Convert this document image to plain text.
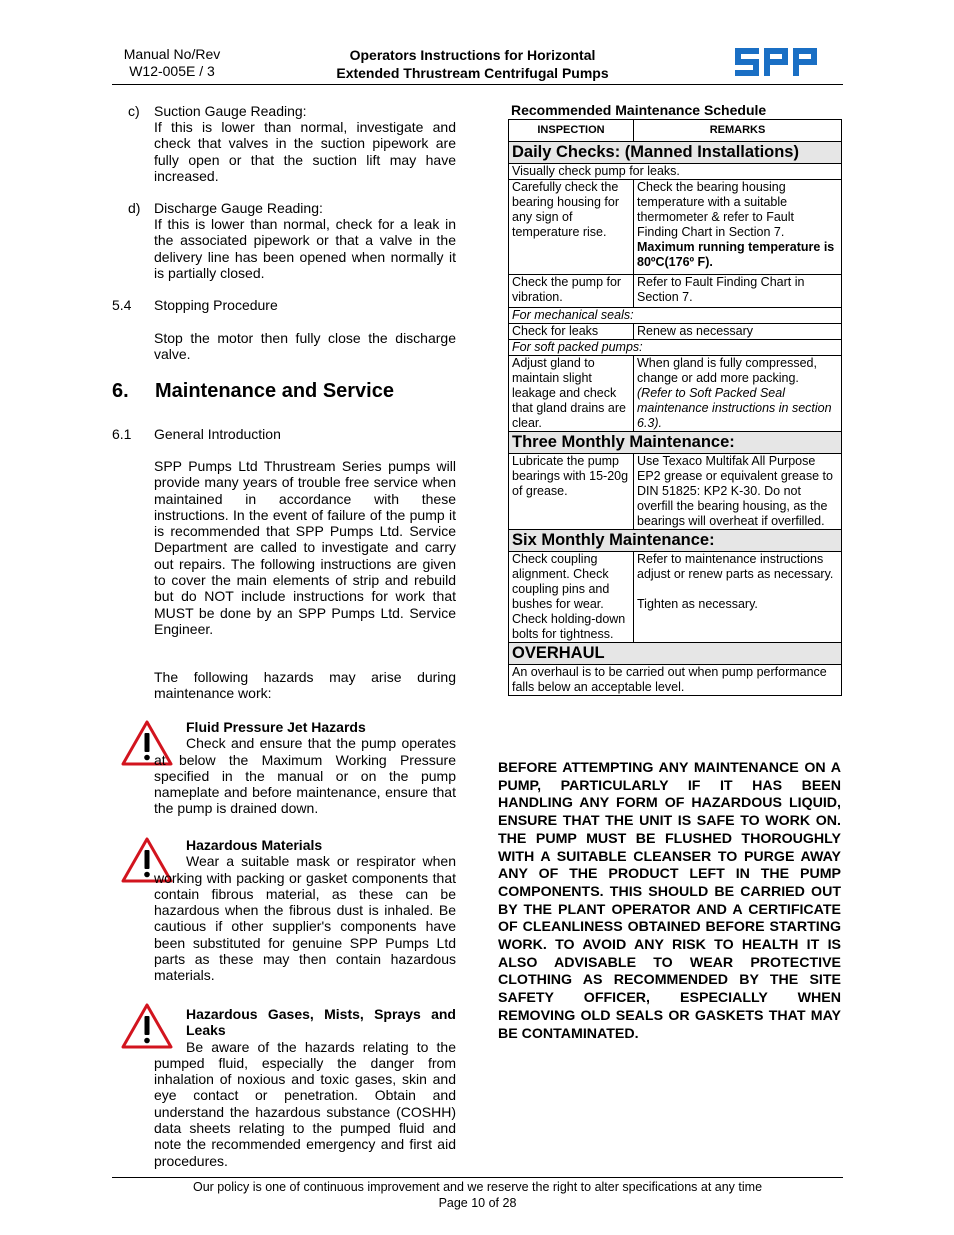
Manual No/Rev
W12-005E / 3
Operators Instructions for Horizontal
Extended Thrustream Centrifugal Pumps
c) Suction Gauge Reading:
If this is lower than normal, investigate and check that valves in the suction pipework are fully open or that the suction lift may have increased.
d) Discharge Gauge Reading:
If this is lower than normal, check for a leak in the associated pipework or that a valve in the delivery line has been opened when normally it is partially closed.
5.4 Stopping Procedure
Stop the motor then fully close the discharge valve.
6. Maintenance and Service
6.1 General Introduction
SPP Pumps Ltd Thrustream Series pumps will provide many years of trouble free service when maintained in accordance with these instructions. In the event of failure of the pump it is recommended that SPP Pumps Ltd. Service Department are called to investigate and carry out repairs. The following instructions are given to cover the main elements of strip and rebuild but do NOT include instructions for work that MUST be done by an SPP Pumps Ltd. Service Engineer.
The following hazards may arise during maintenance work:

Fluid Pressure Jet Hazards

Check and ensure that the pump operates at below the Maximum Working Pressure specified in the manual or on the pump nameplate and before maintenance, ensure that the pump is drained down.

Hazardous Materials

Wear a suitable mask or respirator when working with packing or gasket components that contain fibrous material, as these can be hazardous when the fibrous dust is inhaled. Be cautious if other supplier's components have been substituted for genuine SPP Pumps Ltd parts as these may then contain hazardous materials.

Hazardous Gases, Mists, Sprays and Leaks

Be aware of the hazards relating to the pumped fluid, especially the danger from inhalation of noxious and toxic gases, skin and eye contact or penetration. Obtain and understand the hazardous substance (COSHH) data sheets relating to the pumped fluid and note the recommended emergency and first aid procedures.

Recommended Maintenance Schedule
INSPECTION	REMARKS
Daily Checks: (Manned Installations)	
Visually check pump for leaks.	
Carefully check the bearing housing for any sign of temperature rise.	Check the bearing housing temperature with a suitable thermometer & refer to Fault Finding Chart in Section 7.
Maximum running temperature is 80ºC(176º F).

Check the pump for vibration.	Refer to Fault Finding Chart in Section 7.
For mechanical seals:	
Check for leaks	Renew as necessary
For soft packed pumps:	
Adjust gland to maintain slight leakage and check that gland drains are clear.	When gland is fully compressed, change or add more packing.
(Refer to Soft Packed Seal maintenance instructions in section 6.3).

Three Monthly Maintenance:	
Lubricate the pump bearings with 15-20g of grease.	Use Texaco Multifak All Purpose EP2 grease or equivalent grease to DIN 51825: KP2 K-30. Do not overfill the bearing housing, as the bearings will overheat if overfilled.
Six Monthly Maintenance:	
Check coupling alignment. Check coupling pins and bushes for wear. Check holding-down bolts for tightness.	Refer to maintenance instructions adjust or renew parts as necessary.
Tighten as necessary.

OVERHAUL	
An overhaul is to be carried out when pump performance falls below an acceptable level.	
BEFORE ATTEMPTING ANY MAINTENANCE ON A PUMP, PARTICULARLY IF IT HAS BEEN HANDLING ANY FORM OF HAZARDOUS LIQUID, ENSURE THAT THE UNIT IS SAFE TO WORK ON. THE PUMP MUST BE FLUSHED THOROUGHLY WITH A SUITABLE CLEANSER TO PURGE AWAY ANY OF THE PRODUCT LEFT IN THE PUMP COMPONENTS. THIS SHOULD BE CARRIED OUT BY THE PLANT OPERATOR AND A CERTIFICATE OF CLEANLINESS OBTAINED BEFORE STARTING WORK. TO AVOID ANY RISK TO HEALTH IT IS ALSO ADVISABLE TO WEAR PROTECTIVE CLOTHING AS RECOMMENDED BY THE SITE SAFETY OFFICER, ESPECIALLY WHEN REMOVING OLD SEALS OR GASKETS THAT MAY BE CONTAMINATED.
Our policy is one of continuous improvement and we reserve the right to alter specifications at any time
Page 10 of 28
